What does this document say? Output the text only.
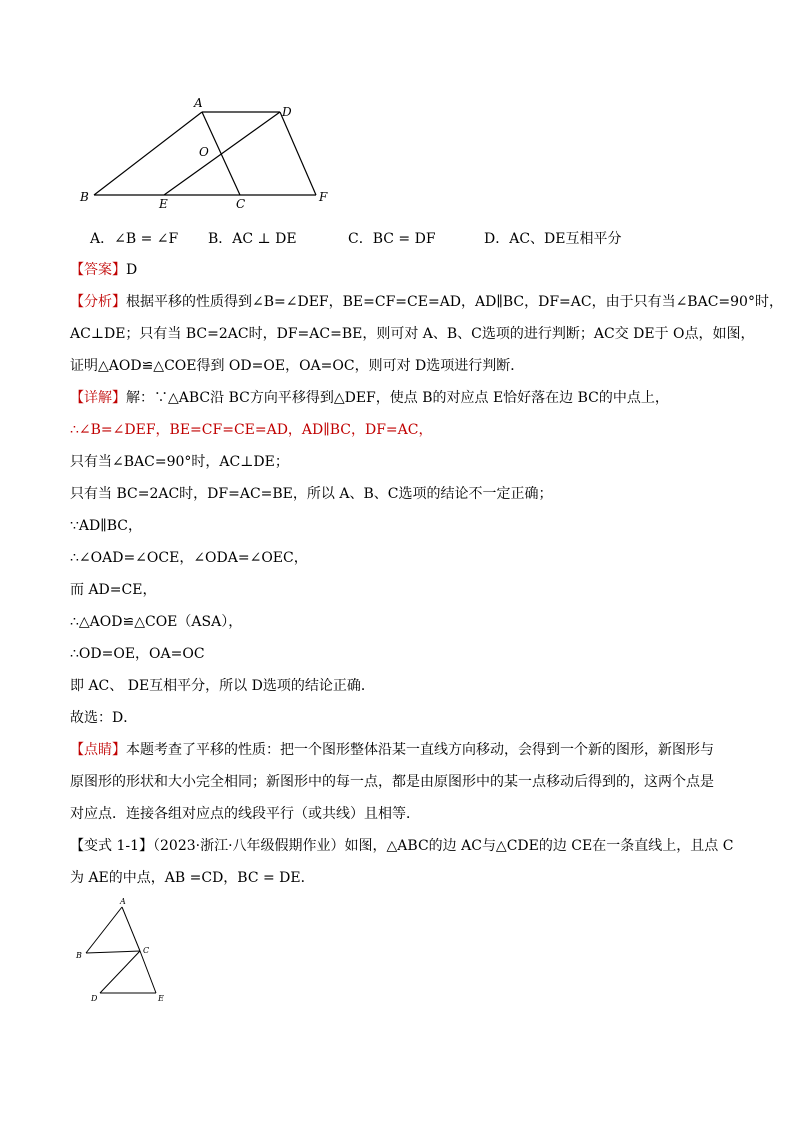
A
D
O
B	E	C	F
A．∠B = ∠F B．AC ⊥ DE	C．BC = DF	D．AC、DE互相平分
【答案】D
【分析】根据平移的性质得到∠B=∠DEF，BE=CF=CE=AD，AD∥BC，DF=AC，由于只有当∠BAC=90°时，
AC⊥DE；只有当 BC=2AC时，DF=AC=BE，则可对 A、B、C选项的进行判断；AC交 DE于 O点，如图，
证明△AOD≌△COE得到 OD=OE，OA=OC，则可对 D选项进行判断．
【详解】解：∵△ABC沿 BC方向平移得到△DEF，使点 B的对应点 E恰好落在边 BC的中点上，
∴∠B=∠DEF，BE=CF=CE=AD，AD∥BC，DF=AC，
只有当∠BAC=90°时，AC⊥DE；
只有当 BC=2AC时，DF=AC=BE，所以 A、B、C选项的结论不一定正确；
∵AD∥BC，
∴∠OAD=∠OCE，∠ODA=∠OEC，
而 AD=CE，
∴△AOD≌△COE（ASA），
∴OD=OE，OA=OC
即 AC、 DE互相平分，所以 D选项的结论正确．
故选：D．
【点睛】本题考查了平移的性质：把一个图形整体沿某一直线方向移动，会得到一个新的图形，新图形与
原图形的形状和大小完全相同；新图形中的每一点，都是由原图形中的某一点移动后得到的，这两个点是
对应点．连接各组对应点的线段平行（或共线）且相等．
【变式 1-1】（2023·浙江·八年级假期作业）如图，△ABC的边 AC与△CDE的边 CE在一条直线上，且点 C
为 AE的中点，AB =CD，BC = DE．
A
B
C
D	E
